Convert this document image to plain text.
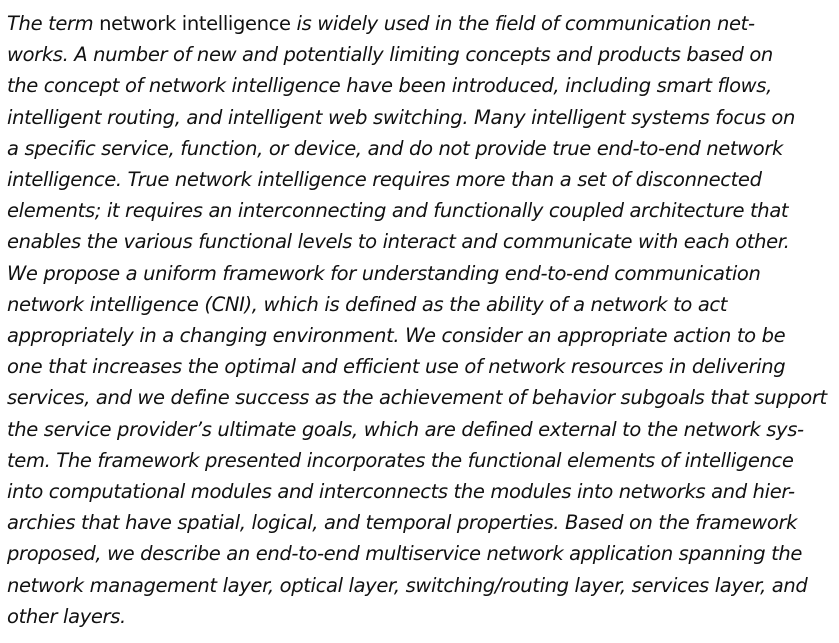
The term network intelligence is widely used in the field of communication net-
works. A number of new and potentially limiting concepts and products based on
the concept of network intelligence have been introduced, including smart flows,
intelligent routing, and intelligent web switching. Many intelligent systems focus on
a specific service, function, or device, and do not provide true end-to-end network
intelligence. True network intelligence requires more than a set of disconnected
elements; it requires an interconnecting and functionally coupled architecture that
enables the various functional levels to interact and communicate with each other.
We propose a uniform framework for understanding end-to-end communication
network intelligence (CNI), which is defined as the ability of a network to act
appropriately in a changing environment. We consider an appropriate action to be
one that increases the optimal and efficient use of network resources in delivering
services, and we define success as the achievement of behavior subgoals that support
the service provider’s ultimate goals, which are defined external to the network sys-
tem. The framework presented incorporates the functional elements of intelligence
into computational modules and interconnects the modules into networks and hier-
archies that have spatial, logical, and temporal properties. Based on the framework
proposed, we describe an end-to-end multiservice network application spanning the
network management layer, optical layer, switching/routing layer, services layer, and
other layers.
